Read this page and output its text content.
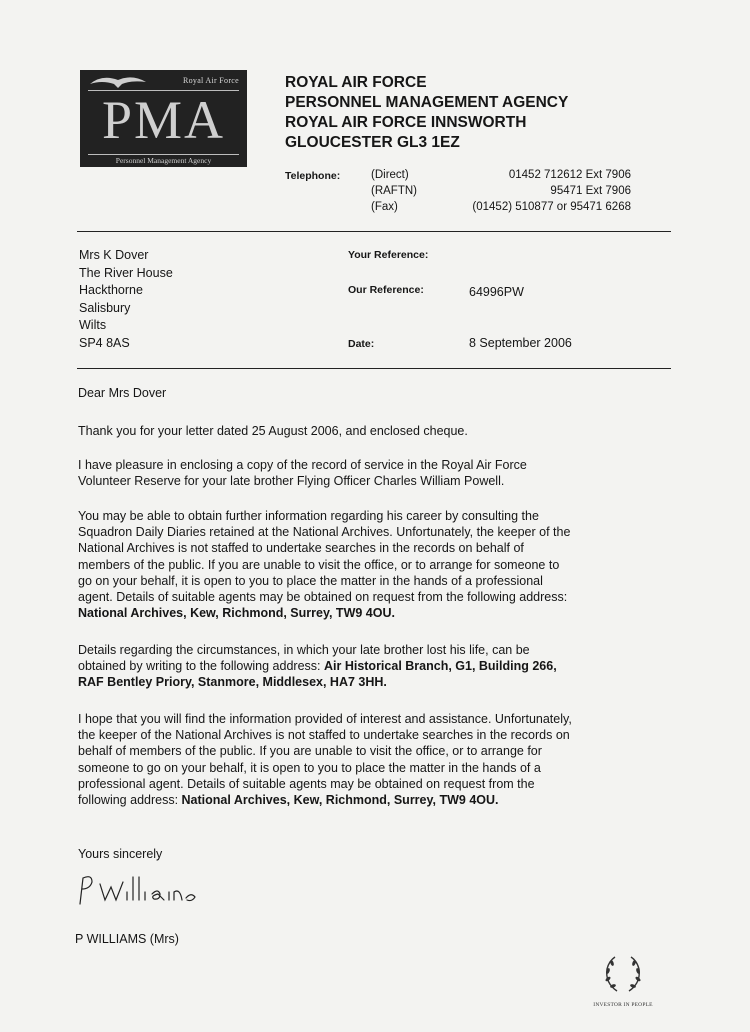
Royal Air Force
PMA
Personnel Management Agency
ROYAL AIR FORCE
PERSONNEL MANAGEMENT AGENCY
ROYAL AIR FORCE INNSWORTH
GLOUCESTER GL3 1EZ
Telephone:	(Direct)	01452 712612 Ext 7906
(RAFTN)	95471 Ext 7906
(Fax)	(01452) 510877 or 95471 6268
Mrs K Dover
The River House
Hackthorne
Salisbury
Wilts
SP4 8AS
Your Reference:
Our Reference:	64996PW
Date:	8 September 2006
Dear Mrs Dover
Thank you for your letter dated 25 August 2006, and enclosed cheque.
I have pleasure in enclosing a copy of the record of service in the Royal Air Force
Volunteer Reserve for your late brother Flying Officer Charles William Powell.
You may be able to obtain further information regarding his career by consulting the
Squadron Daily Diaries retained at the National Archives. Unfortunately, the keeper of the
National Archives is not staffed to undertake searches in the records on behalf of
members of the public. If you are unable to visit the office, or to arrange for someone to
go on your behalf, it is open to you to place the matter in the hands of a professional
agent. Details of suitable agents may be obtained on request from the following address:
National Archives, Kew, Richmond, Surrey, TW9 4OU.
Details regarding the circumstances, in which your late brother lost his life, can be
obtained by writing to the following address: Air Historical Branch, G1, Building 266,
RAF Bentley Priory, Stanmore, Middlesex, HA7 3HH.
I hope that you will find the information provided of interest and assistance. Unfortunately,
the keeper of the National Archives is not staffed to undertake searches in the records on
behalf of members of the public. If you are unable to visit the office, or to arrange for
someone to go on your behalf, it is open to you to place the matter in the hands of a
professional agent. Details of suitable agents may be obtained on request from the
following address: National Archives, Kew, Richmond, Surrey, TW9 4OU.
Yours sincerely
P WILLIAMS (Mrs)
INVESTOR IN PEOPLE
